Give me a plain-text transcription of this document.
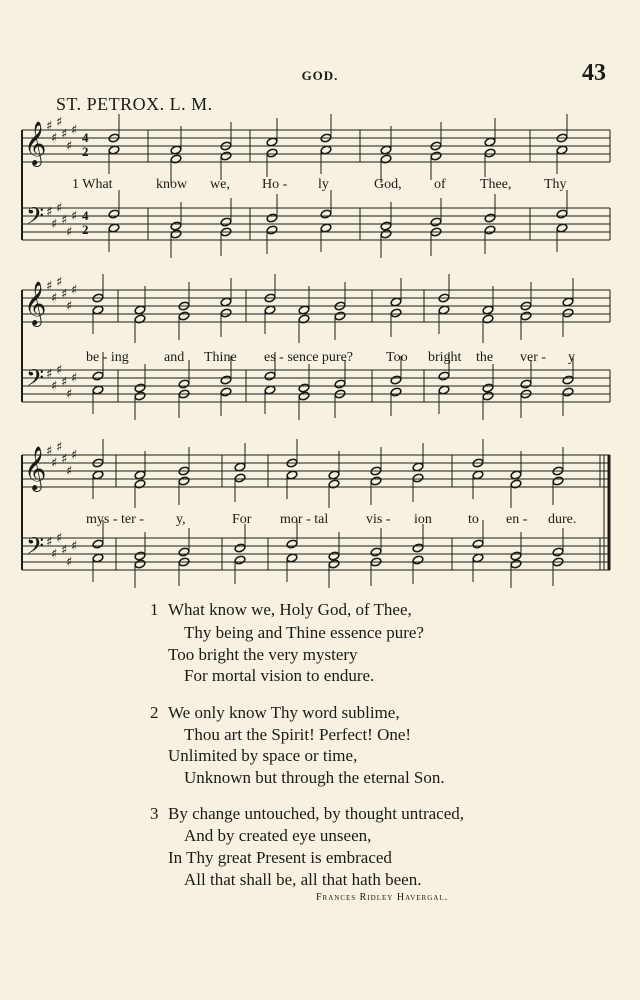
GOD.	43
ST. PETROX. L. M.
𝄞
𝄢
♯
♯
♯
♯
♯
♯
♯
♯
♯
♯
♯
♯
4
4
2
2
𝄞
𝄢
♯
♯
♯
♯
♯
♯
♯
♯
♯
♯
♯
♯
𝄞
𝄢
♯
♯
♯
♯
♯
♯
♯
♯
♯
♯
♯
♯
1 What	know we, Ho - ly	God, of Thee, Thy
be - ing	and Thine es - sence pure? Too bright the ver - y
mys - ter - y,	For mor - tal	vis - ion	to en - dure.
1 What know we, Holy God, of Thee,
Thy being and Thine essence pure?
Too bright the very mystery
For mortal vision to endure.
2 We only know Thy word sublime,
Thou art the Spirit! Perfect! One!
Unlimited by space or time,
Unknown but through the eternal Son.
3 By change untouched, by thought untraced,
And by created eye unseen,
In Thy great Present is embraced
All that shall be, all that hath been.
Frances Ridley Havergal.
